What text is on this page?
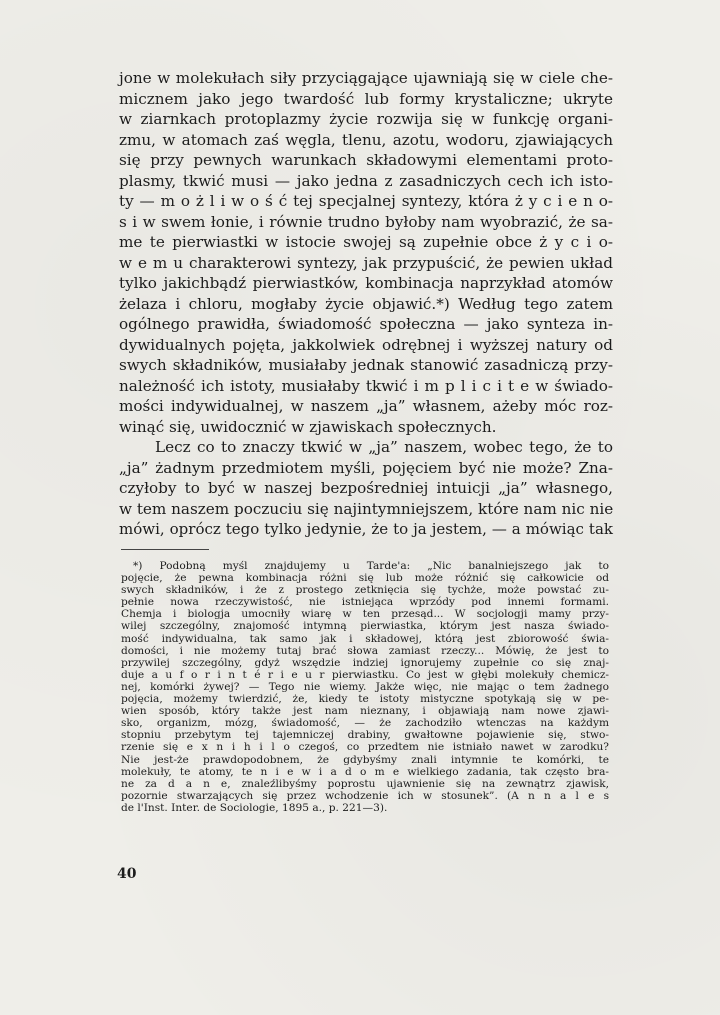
jone w molekułach siły przyciągające ujawniają się w ciele che-
micznem jako jego twardość lub formy krystaliczne; ukryte
w ziarnkach protoplazmy życie rozwija się w funkcję organi-
zmu, w atomach zaś węgla, tlenu, azotu, wodoru, zjawiających
się przy pewnych warunkach składowymi elementami proto-
plasmy, tkwić musi — jako jedna z zasadniczych cech ich isto-
ty — m o ż l i w o ś ć tej specjalnej syntezy, która ż y c i e n o-
s i w swem łonie, i równie trudno byłoby nam wyobrazić, że sa-
me te pierwiastki w istocie swojej są zupełnie obce ż y c i o-
w e m u charakterowi syntezy, jak przypuścić, że pewien układ
tylko jakichbądź pierwiastków, kombinacja naprzykład atomów
żelaza i chloru, mogłaby życie objawić.*) Według tego zatem
ogólnego prawidła, świadomość społeczna — jako synteza in-
dywidualnych pojęta, jakkolwiek odrębnej i wyższej natury od
swych składników, musiałaby jednak stanowić zasadniczą przy-
należność ich istoty, musiałaby tkwić i m p l i c i t e w świado-
mości indywidualnej, w naszem „ja” własnem, ażeby móc roz-
winąć się, uwidocznić w zjawiskach społecznych.
Lecz co to znaczy tkwić w „ja” naszem, wobec tego, że to
„ja” żadnym przedmiotem myśli, pojęciem być nie może? Zna-
czyłoby to być w naszej bezpośredniej intuicji „ja” własnego,
w tem naszem poczuciu się najintymniejszem, które nam nic nie
mówi, oprócz tego tylko jedynie, że to ja jestem, — a mówiąc tak
*) Podobną myśl znajdujemy u Tarde'a: „Nic banalniejszego jak to
pojęcie, że pewna kombinacja różni się lub może różnić się całkowicie od
swych składników, i że z prostego zetknięcia się tychże, może powstać zu-
pełnie nowa rzeczywistość, nie istniejąca wprzódy pod innemi formami.
Chemja i biologja umocniły wiarę w ten przesąd... W socjologji mamy przy-
wilej szczególny, znajomość intymną pierwiastka, którym jest nasza świado-
mość indywidualna, tak samo jak i składowej, którą jest zbiorowość świa-
domości, i nie możemy tutaj brać słowa zamiast rzeczy... Mówię, że jest to
przywilej szczególny, gdyż wszędzie indziej ignorujemy zupełnie co się znaj-
duje a u f o r i n t é r i e u r pierwiastku. Co jest w głębi molekuły chemicz-
nej, komórki żywej? — Tego nie wiemy. Jakże więc, nie mając o tem żadnego
pojęcia, możemy twierdzić, że, kiedy te istoty mistyczne spotykają się w pe-
wien sposób, który także jest nam nieznany, i objawiają nam nowe zjawi-
sko, organizm, mózg, świadomość, — że zachodziło wtenczas na każdym
stopniu przebytym tej tajemniczej drabiny, gwałtowne pojawienie się, stwo-
rzenie się e x n i h i l o czegoś, co przedtem nie istniało nawet w zarodku?
Nie jest-że prawdopodobnem, że gdybyśmy znali intymnie te komórki, te
molekuły, te atomy, te n i e w i a d o m e wielkiego zadania, tak często bra-
ne za d a n e, znaleźlibyśmy poprostu ujawnienie się na zewnątrz zjawisk,
pozornie stwarzających się przez wchodzenie ich w stosunek”. (A n n a l e s
de l'Inst. Inter. de Sociologie, 1895 a., p. 221—3).
40
